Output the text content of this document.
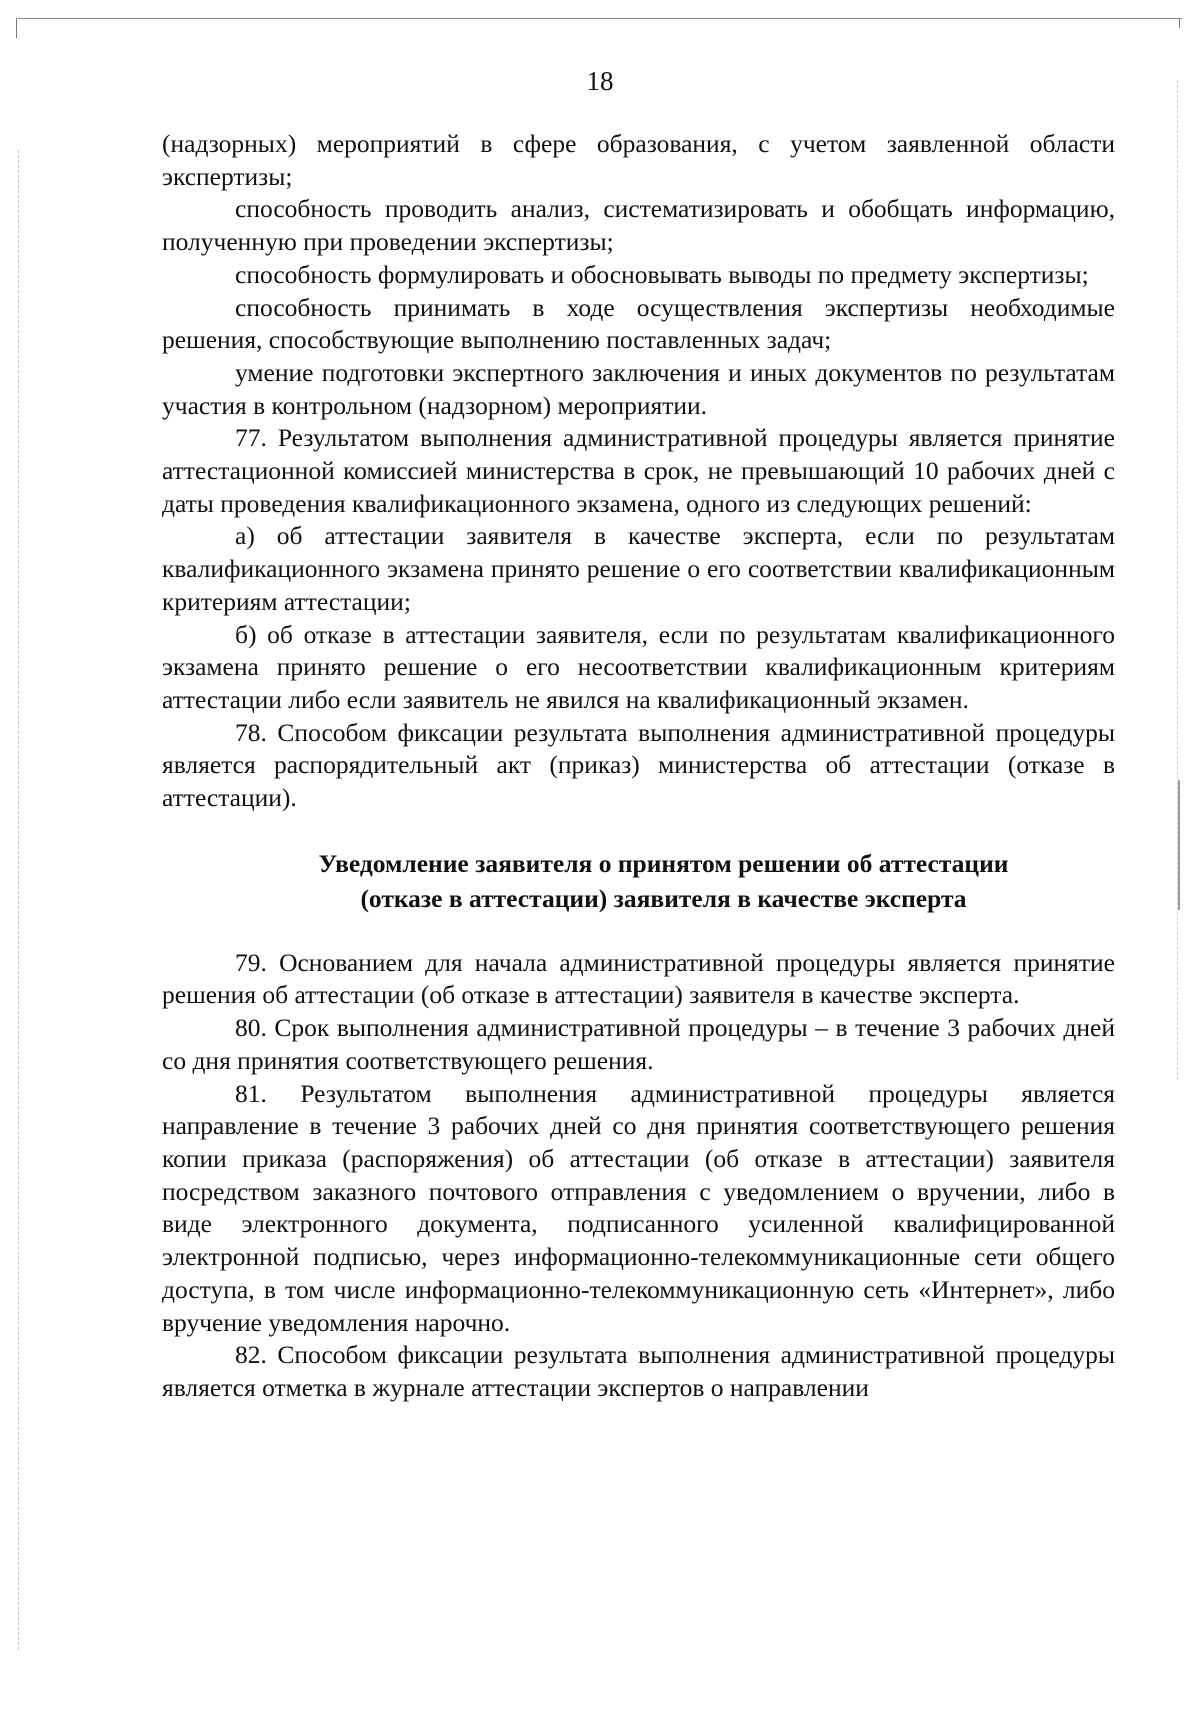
18

(надзорных) мероприятий в сфере образования, с учетом заявленной области экспертизы;

способность проводить анализ, систематизировать и обобщать информацию, полученную при проведении экспертизы;

способность формулировать и обосновывать выводы по предмету экспертизы;

способность принимать в ходе осуществления экспертизы необходимые решения, способствующие выполнению поставленных задач;

умение подготовки экспертного заключения и иных документов по результатам участия в контрольном (надзорном) мероприятии.

77. Результатом выполнения административной процедуры является принятие аттестационной комиссией министерства в срок, не превышающий 10 рабочих дней с даты проведения квалификационного экзамена, одного из следующих решений:

а) об аттестации заявителя в качестве эксперта, если по результатам квалификационного экзамена принято решение о его соответствии квалификационным критериям аттестации;

б) об отказе в аттестации заявителя, если по результатам квалификационного экзамена принято решение о его несоответствии квалификационным критериям аттестации либо если заявитель не явился на квалификационный экзамен.

78. Способом фиксации результата выполнения административной процедуры является распорядительный акт (приказ) министерства об аттестации (отказе в аттестации).

Уведомление заявителя о принятом решении об аттестации
(отказе в аттестации) заявителя в качестве эксперта

79. Основанием для начала административной процедуры является принятие решения об аттестации (об отказе в аттестации) заявителя в качестве эксперта.

80. Срок выполнения административной процедуры – в течение 3 рабочих дней со дня принятия соответствующего решения.

81. Результатом выполнения административной процедуры является направление в течение 3 рабочих дней со дня принятия соответствующего решения копии приказа (распоряжения) об аттестации (об отказе в аттестации) заявителя посредством заказного почтового отправления с уведомлением о вручении, либо в виде электронного документа, подписанного усиленной квалифицированной электронной подписью, через информационно-телекоммуникационные сети общего доступа, в том числе информационно-телекоммуникационную сеть «Интернет», либо вручение уведомления нарочно.

82. Способом фиксации результата выполнения административной процедуры является отметка в журнале аттестации экспертов о направлении
